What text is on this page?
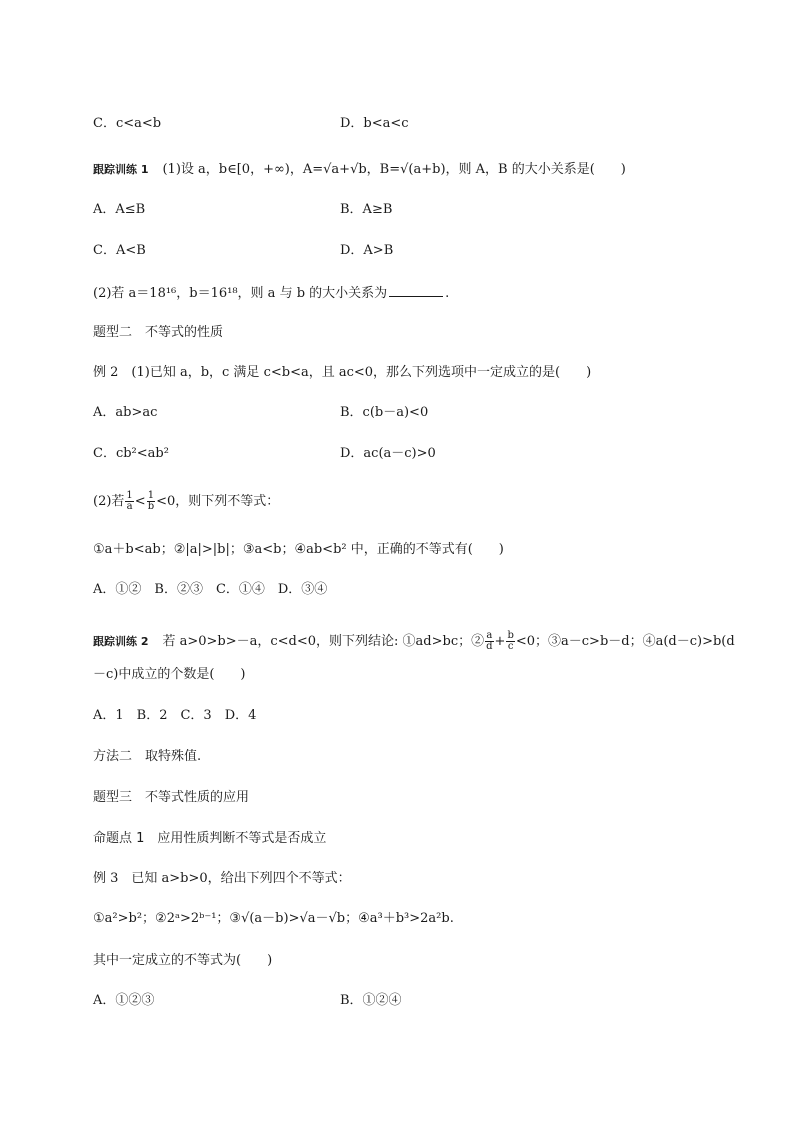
C．c<a<b	D．b<a<c
跟踪训练 1 (1)设 a，b∈[0，+∞)，A=√a+√b，B=√(a+b)，则 A，B 的大小关系是(　　)
A．A≤B	B．A≥B
C．A<B	D．A>B
(2)若 a＝18¹⁶，b＝16¹⁸，则 a 与 b 的大小关系为	.
题型二　不等式的性质
例 2　(1)已知 a，b，c 满足 c<b<a，且 ac<0，那么下列选项中一定成立的是(　　)
A．ab>ac	B．c(b－a)<0
C．cb²<ab²	D．ac(a－c)>0
(2)若 $\frac{1}{a} < \frac{1}{b} <0$，则下列不等式：
①a＋b<ab；②|a|>|b|；③a<b；④ab<b² 中，正确的不等式有(　　)
A．①②　B．②③　C．①④　D．③④
跟踪训练 2 若 a>0>b>－a，c<d<0，则下列结论: ①ad>bc；② $\frac{a}{d} + \frac{b}{c} <0$；③a－c>b－d；④a(d－c)>b(d
－c)中成立的个数是(　　)
A．1　B．2　C．3　D．4
方法二　取特殊值.
题型三　不等式性质的应用
命题点 1　应用性质判断不等式是否成立
例 3　已知 a>b>0，给出下列四个不等式：
①a²>b²；②2ᵃ>2ᵇ⁻¹；③√(a－b)>√a－√b；④a³＋b³>2a²b.
其中一定成立的不等式为(　　)
A．①②③	B．①②④
